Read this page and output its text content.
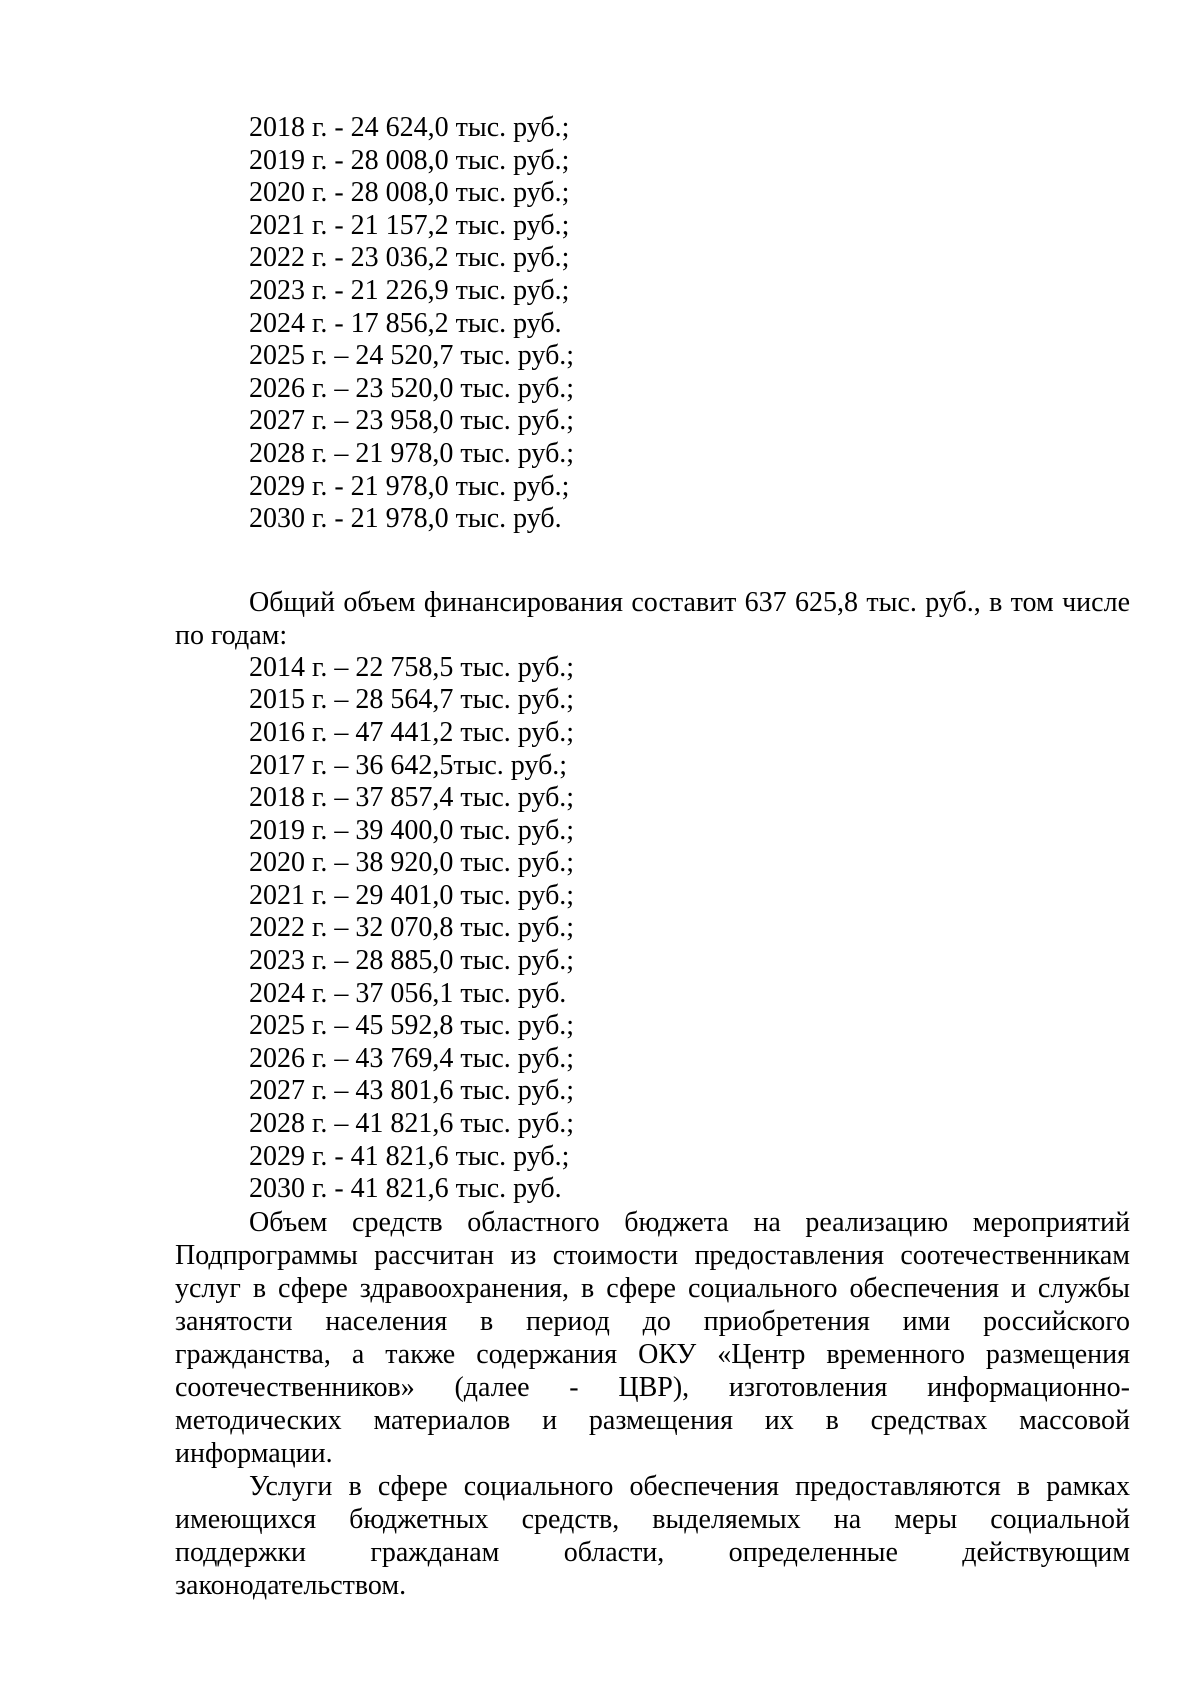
2018 г. - 24 624,0 тыс. руб.;
2019 г. - 28 008,0 тыс. руб.;
2020 г. - 28 008,0 тыс. руб.;
2021 г. - 21 157,2 тыс. руб.;
2022 г. - 23 036,2 тыс. руб.;
2023 г. - 21 226,9 тыс. руб.;
2024 г. - 17 856,2 тыс. руб.
2025 г. – 24 520,7 тыс. руб.;
2026 г. – 23 520,0 тыс. руб.;
2027 г. – 23 958,0 тыс. руб.;
2028 г. – 21 978,0 тыс. руб.;
2029 г. - 21 978,0 тыс. руб.;
2030 г. - 21 978,0 тыс. руб.
Общий объем финансирования составит 637 625,8 тыс. руб., в том числе
по годам:
2014 г. – 22 758,5 тыс. руб.;
2015 г. – 28 564,7 тыс. руб.;
2016 г. – 47 441,2 тыс. руб.;
2017 г. – 36 642,5тыс. руб.;
2018 г. – 37 857,4 тыс. руб.;
2019 г. – 39 400,0 тыс. руб.;
2020 г. – 38 920,0 тыс. руб.;
2021 г. – 29 401,0 тыс. руб.;
2022 г. – 32 070,8 тыс. руб.;
2023 г. – 28 885,0 тыс. руб.;
2024 г. – 37 056,1 тыс. руб.
2025 г. – 45 592,8 тыс. руб.;
2026 г. – 43 769,4 тыс. руб.;
2027 г. – 43 801,6 тыс. руб.;
2028 г. – 41 821,6 тыс. руб.;
2029 г. - 41 821,6 тыс. руб.;
2030 г. - 41 821,6 тыс. руб.
Объем средств областного бюджета на реализацию мероприятий
Подпрограммы рассчитан из стоимости предоставления соотечественникам
услуг в сфере здравоохранения, в сфере социального обеспечения и службы
занятости населения в период до приобретения ими российского
гражданства, а также содержания ОКУ «Центр временного размещения
соотечественников» (далее - ЦВР), изготовления информационно-
методических материалов и размещения их в средствах массовой
информации.
Услуги в сфере социального обеспечения предоставляются в рамках
имеющихся бюджетных средств, выделяемых на меры социальной
поддержки гражданам области, определенные действующим
законодательством.
